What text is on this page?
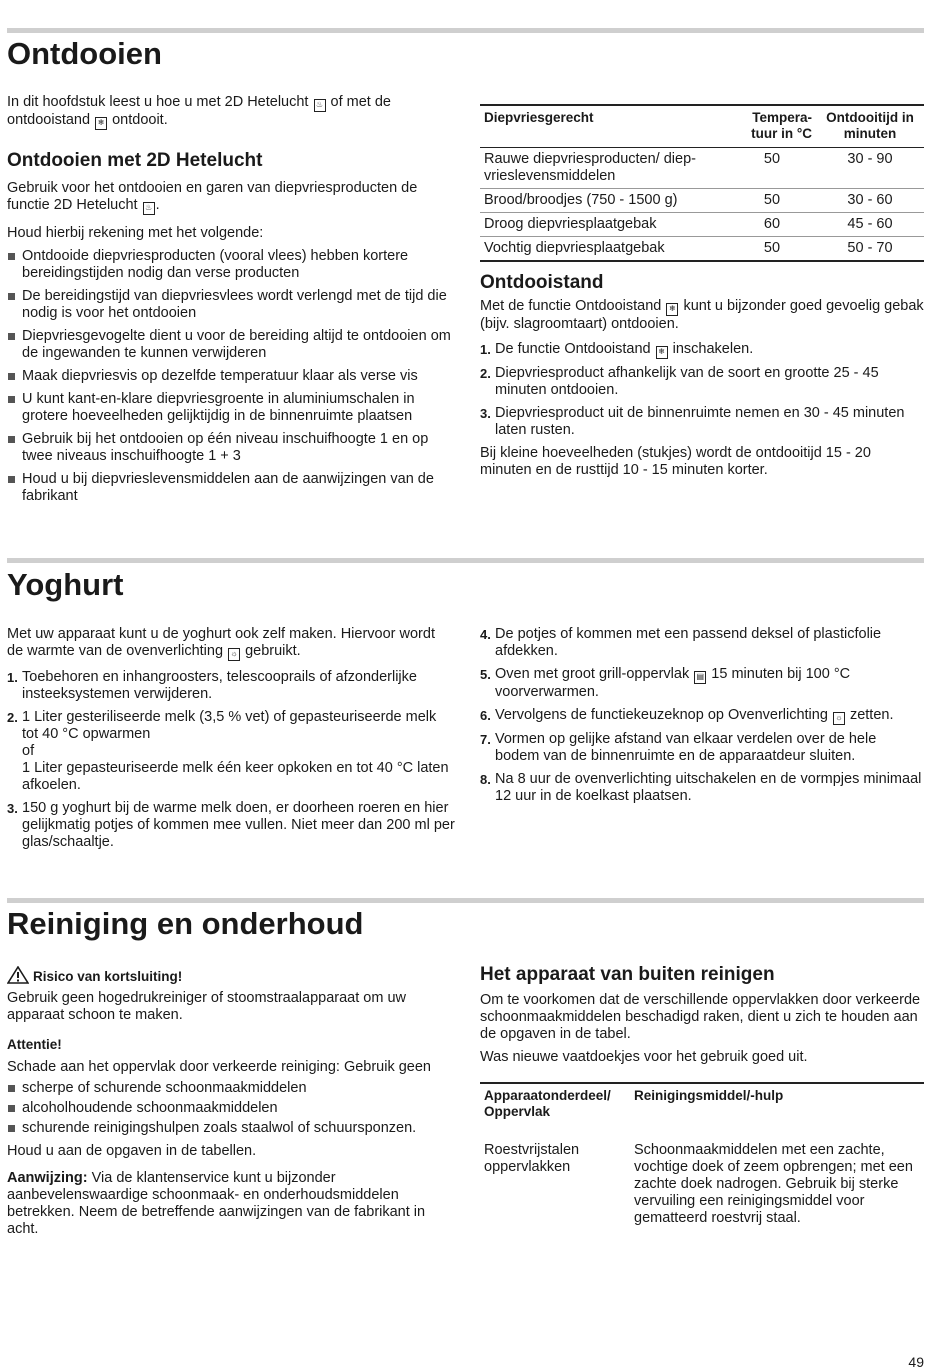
Ontdooien

In dit hoofdstuk leest u hoe u met 2D Hetelucht ♨ of met de ontdooistand ❄ ontdooit.

Ontdooien met 2D Hetelucht

Gebruik voor het ontdooien en garen van diepvriesproducten de functie 2D Hetelucht ♨ .

Houd hierbij rekening met het volgende:

Ontdooide diepvriesproducten (vooral vlees) hebben kortere bereidingstijden nodig dan verse producten
De bereidingstijd van diepvriesvlees wordt verlengd met de tijd die nodig is voor het ontdooien
Diepvriesgevogelte dient u voor de bereiding altijd te ontdooien om de ingewanden te kunnen verwijderen
Maak diepvriesvis op dezelfde temperatuur klaar als verse vis
U kunt kant-en-klare diepvriesgroente in aluminiumschalen in grotere hoeveelheden gelijktijdig in de binnenruimte plaatsen
Gebruik bij het ontdooien op één niveau inschuifhoogte 1 en op twee niveaus inschuifhoogte 1 + 3
Houd u bij diepvrieslevensmiddelen aan de aanwijzingen van de fabrikant
Diepvriesgerecht	Tempera-tuur in °C	Ontdooitijd in minuten
Rauwe diepvriesproducten/ diep-vrieslevensmiddelen	50	30 - 90
Brood/broodjes (750 - 1500 g)	50	30 - 60
Droog diepvriesplaatgebak	60	45 - 60
Vochtig diepvriesplaatgebak	50	50 - 70
Ontdooistand

Met de functie Ontdooistand ❄ kunt u bijzonder goed gevoelig gebak (bijv. slagroomtaart) ontdooien.

1. De functie Ontdooistand ❄ inschakelen.
2. Diepvriesproduct afhankelijk van de soort en grootte 25 - 45 minuten ontdooien.
3. Diepvriesproduct uit de binnenruimte nemen en 30 - 45 minuten laten rusten.

Bij kleine hoeveelheden (stukjes) wordt de ontdooitijd 15 - 20 minuten en de rusttijd 10 - 15 minuten korter.

Yoghurt

Met uw apparaat kunt u de yoghurt ook zelf maken. Hiervoor wordt de warmte van de ovenverlichting ☼ gebruikt.

1. Toebehoren en inhangroosters, telescooprails of afzonderlijke insteeksystemen verwijderen.
2. 1 Liter gesteriliseerde melk (3,5 % vet) of gepasteuriseerde melk tot 40 °C opwarmen
of
1 Liter gepasteuriseerde melk één keer opkoken en tot 40 °C laten afkoelen.
3. 150 g yoghurt bij de warme melk doen, er doorheen roeren en hier gelijkmatig potjes of kommen mee vullen. Niet meer dan 200 ml per glas/schaaltje.
4. De potjes of kommen met een passend deksel of plasticfolie afdekken.
5. Oven met groot grill-oppervlak ▤ 15 minuten bij 100 °C voorverwarmen.
6. Vervolgens de functiekeuzeknop op Ovenverlichting ☼ zetten.
7. Vormen op gelijke afstand van elkaar verdelen over de hele bodem van de binnenruimte en de apparaatdeur sluiten.
8. Na 8 uur de ovenverlichting uitschakelen en de vormpjes minimaal 12 uur in de koelkast plaatsen.
Reiniging en onderhoud

Risico van kortsluiting!

Gebruik geen hogedrukreiniger of stoomstraalapparaat om uw apparaat schoon te maken.

Attentie!

Schade aan het oppervlak door verkeerde reiniging: Gebruik geen

scherpe of schurende schoonmaakmiddelen
alcoholhoudende schoonmaakmiddelen
schurende reinigingshulpen zoals staalwol of schuursponzen.

Houd u aan de opgaven in de tabellen.

Aanwijzing: Via de klantenservice kunt u bijzonder aanbevelenswaardige schoonmaak- en onderhoudsmiddelen betrekken. Neem de betreffende aanwijzingen van de fabrikant in acht.

Het apparaat van buiten reinigen

Om te voorkomen dat de verschillende oppervlakken door verkeerde schoonmaakmiddelen beschadigd raken, dient u zich te houden aan de opgaven in de tabel.

Was nieuwe vaatdoekjes voor het gebruik goed uit.

Apparaatonderdeel/ Oppervlak	Reinigingsmiddel/-hulp
Roestvrijstalen oppervlakken	Schoonmaakmiddelen met een zachte, vochtige doek of zeem opbrengen; met een zachte doek nadrogen. Gebruik bij sterke vervuiling een reinigingsmiddel voor gematteerd roestvrij staal.
49
